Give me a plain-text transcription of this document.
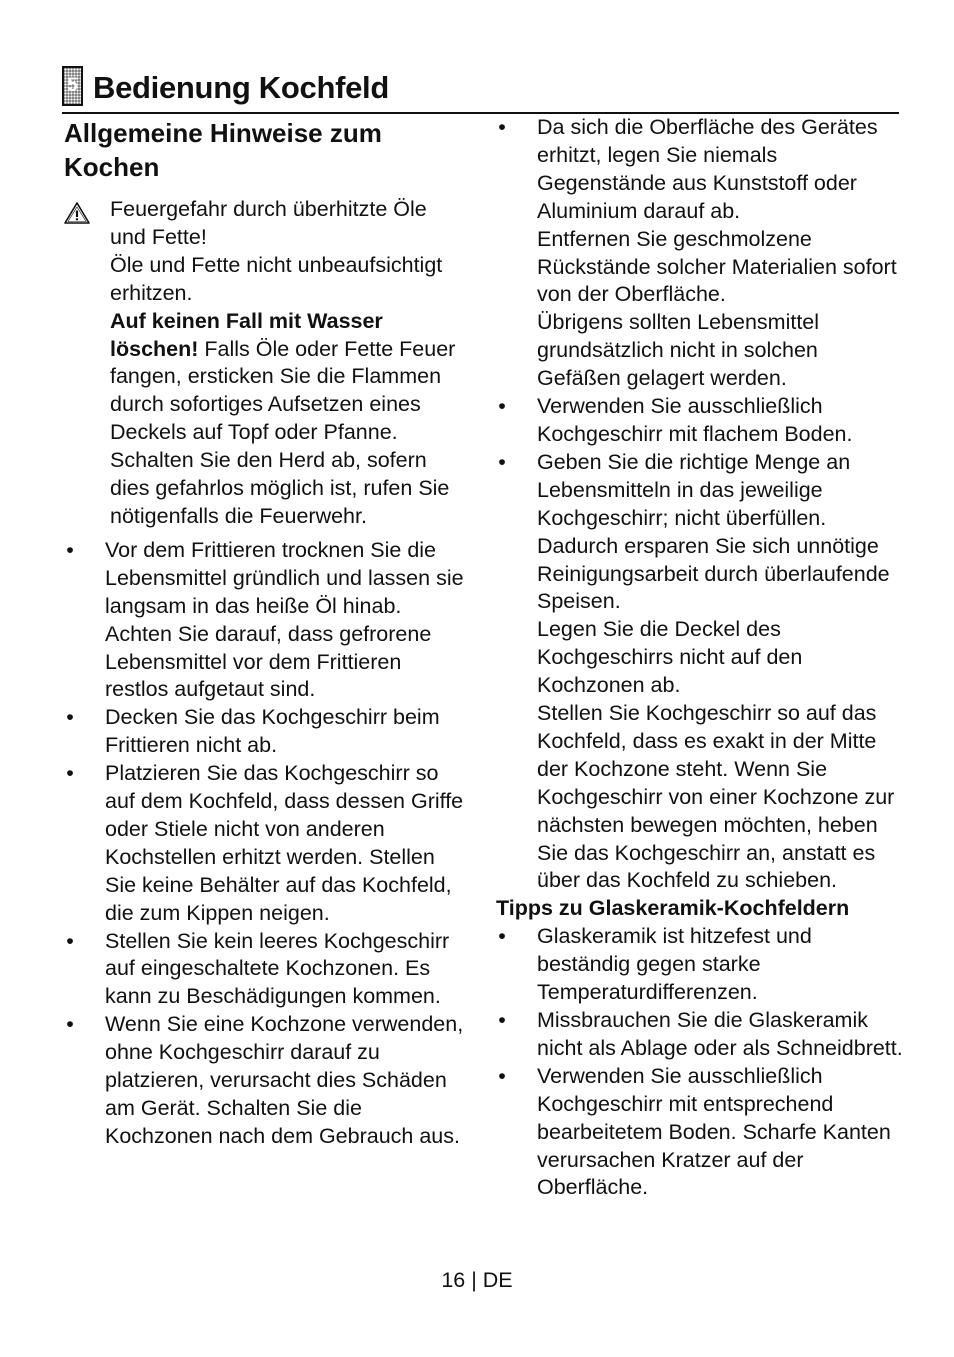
5 Bedienung Kochfeld
Allgemeine Hinweise zum
Kochen

Feuergefahr durch überhitzte Öle und Fette!

Öle und Fette nicht unbeaufsichtigt erhitzen.

Auf keinen Fall mit Wasser löschen! Falls Öle oder Fette Feuer fangen, ersticken Sie die Flammen durch sofortiges Aufsetzen eines Deckels auf Topf oder Pfanne. Schalten Sie den Herd ab, sofern dies gefahrlos möglich ist, rufen Sie nötigenfalls die Feuerwehr.

• Vor dem Frittieren trocknen Sie die Lebensmittel gründlich und lassen sie langsam in das heiße Öl hinab. Achten Sie darauf, dass gefrorene Lebensmittel vor dem Frittieren restlos aufgetaut sind.

• Decken Sie das Kochgeschirr beim Frittieren nicht ab.

• Platzieren Sie das Kochgeschirr so auf dem Kochfeld, dass dessen Griffe oder Stiele nicht von anderen Kochstellen erhitzt werden. Stellen Sie keine Behälter auf das Kochfeld, die zum Kippen neigen.

• Stellen Sie kein leeres Kochgeschirr auf eingeschaltete Kochzonen. Es kann zu Beschädigungen kommen.

• Wenn Sie eine Kochzone verwenden, ohne Kochgeschirr darauf zu platzieren, verursacht dies Schäden am Gerät. Schalten Sie die Kochzonen nach dem Gebrauch aus.

• Da sich die Oberfläche des Gerätes erhitzt, legen Sie niemals Gegenstände aus Kunststoff oder Aluminium darauf ab.

Entfernen Sie geschmolzene Rückstände solcher Materialien sofort von der Oberfläche.

Übrigens sollten Lebensmittel grundsätzlich nicht in solchen Gefäßen gelagert werden.

• Verwenden Sie ausschließlich Kochgeschirr mit flachem Boden.

• Geben Sie die richtige Menge an Lebensmitteln in das jeweilige Kochgeschirr; nicht überfüllen. Dadurch ersparen Sie sich unnötige Reinigungsarbeit durch überlaufende Speisen.

Legen Sie die Deckel des Kochgeschirrs nicht auf den Kochzonen ab.

Stellen Sie Kochgeschirr so auf das Kochfeld, dass es exakt in der Mitte der Kochzone steht. Wenn Sie Kochgeschirr von einer Kochzone zur nächsten bewegen möchten, heben Sie das Kochgeschirr an, anstatt es über das Kochfeld zu schieben.

Tipps zu Glaskeramik-Kochfeldern
• Glaskeramik ist hitzefest und beständig gegen starke Temperaturdifferenzen.

• Missbrauchen Sie die Glaskeramik nicht als Ablage oder als Schneidbrett.

• Verwenden Sie ausschließlich Kochgeschirr mit entsprechend bearbeitetem Boden. Scharfe Kanten verursachen Kratzer auf der Oberfläche.

16 | DE
